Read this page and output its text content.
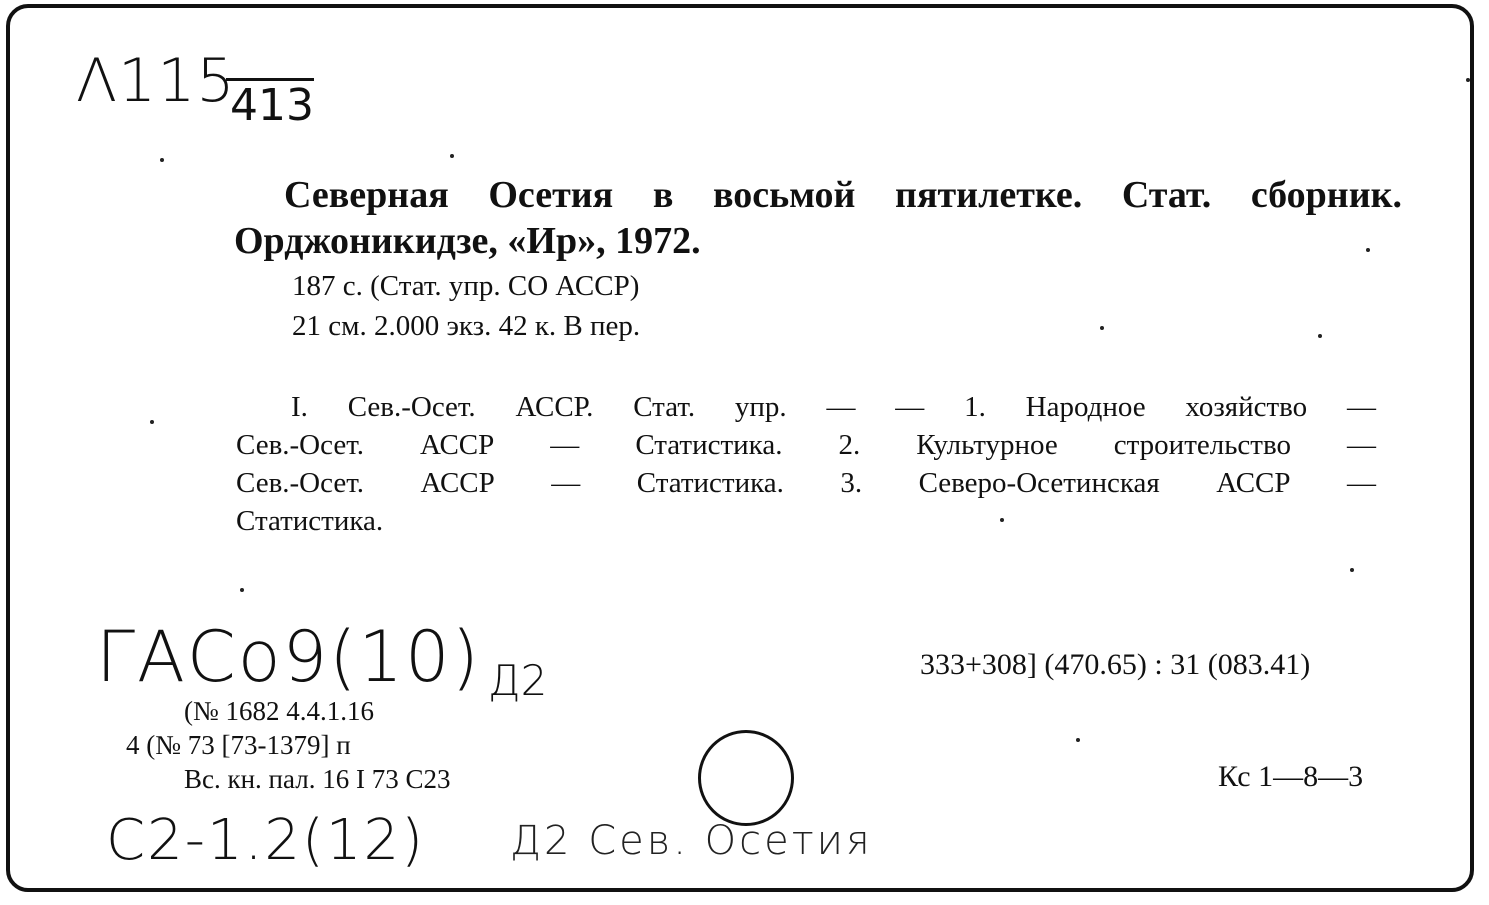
Λ115
413
Северная Осетия в восьмой пятилетке. Стат. сборник.
Орджоникидзе, «Ир», 1972.
187 с. (Стат. упр. СО АССР)
21 см. 2.000 экз. 42 к. В пер.
I. Сев.-Осет. АССР. Стат. упр. — — 1. Народное хозяйство —
Сев.-Осет. АССР — Статистика. 2. Культурное строительство —
Сев.-Осет. АССР — Статистика. 3. Северо-Осетинская АССР —
Статистика.
ГАСо9(10) Д2	333+308] (470.65) : 31 (083.41)
(№ 1682 4.4.1.16
4 (№ 73 [73-1379] п
Вс. кн. пал. 16 I 73 С23	Кс 1—8—3
С2-1.2(12) Д2 Сев. Осетия
